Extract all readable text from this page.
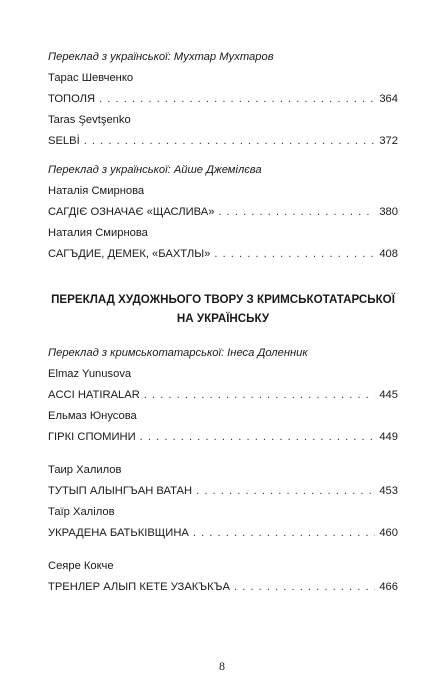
Переклад з української: Мухтар Мухтаров
Тарас Шевченко
ТОПОЛЯ . . .	364
Taras Şevtşenko
SELBİ . . .	372
Переклад з української: Айше Джемілєва
Наталія Смирнова
САГДІЄ ОЗНАЧАЄ «ЩАСЛИВА» . . .	380
Наталия Смирнова
САГЪДИЕ, ДЕМЕК, «БАХТЛЫ» . . .	408
ПЕРЕКЛАД ХУДОЖНЬОГО ТВОРУ З КРИМСЬКОТАТАРСЬКОЇ
НА УКРАЇНСЬКУ
Переклад з кримськотатарської: Інеса Доленник
Elmaz Yunusova
ACCI HATIRALAR . . .	445
Ельмаз Юнусова
ГІРКІ СПОМИНИ . . .	449
Таир Халилов
ТУТЫП АЛЫНГЪАН ВАТАН . . .	453
Таїр Халілов
УКРАДЕНА БАТЬКІВЩИНА . . .	460
Сеяре Кокче
ТРЕНЛЕР АЛЫП КЕТЕ УЗАКЪКЪА . . .	466
8
